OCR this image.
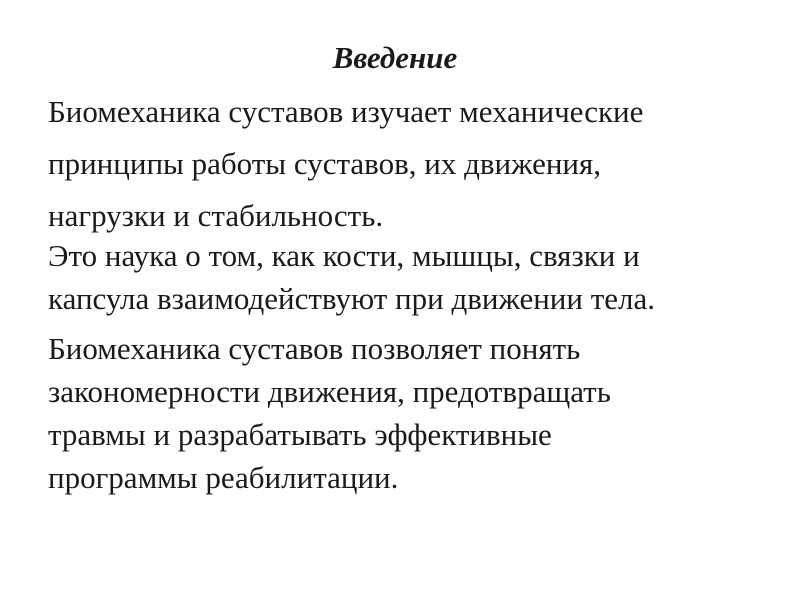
Введение

Биомеханика суставов изучает механические
принципы работы суставов, их движения,
нагрузки и стабильность.

Это наука о том, как кости, мышцы, связки и
капсула взаимодействуют при движении тела.

Биомеханика суставов позволяет понять
закономерности движения, предотвращать
травмы и разрабатывать эффективные
программы реабилитации.
